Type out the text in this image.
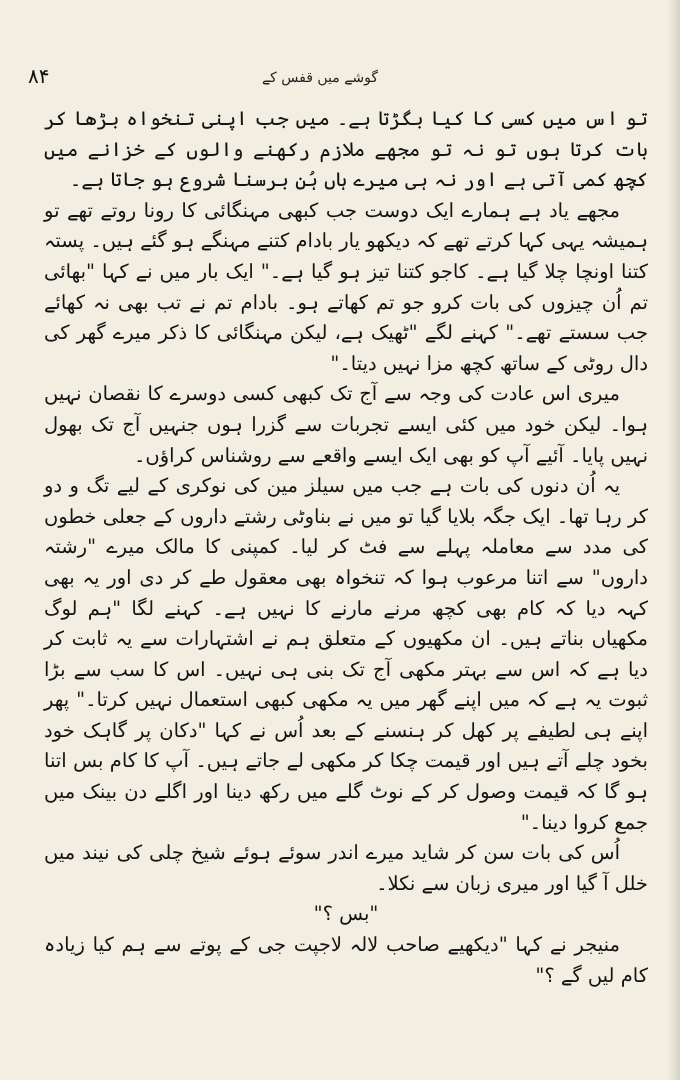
گوشے میں قفس کے
۸۴

تو اس میں کسی کا کیا بگڑتا ہے۔ میں جب اپنی تنخواہ بڑھا کر بات کرتا ہوں تو نہ تو مجھے ملازم رکھنے والوں کے خزانے میں کچھ کمی آتی ہے اور نہ ہی میرے ہاں ہُن برسنا شروع ہو جاتا ہے۔

مجھے یاد ہے ہمارے ایک دوست جب کبھی مہنگائی کا رونا روتے تھے تو ہمیشہ یہی کہا کرتے تھے کہ دیکھو یار بادام کتنے مہنگے ہو گئے ہیں۔ پستہ کتنا اونچا چلا گیا ہے۔ کاجو کتنا تیز ہو گیا ہے۔" ایک بار میں نے کہا "بھائی تم اُن چیزوں کی بات کرو جو تم کھاتے ہو۔ بادام تم نے تب بھی نہ کھائے جب سستے تھے۔" کہنے لگے "ٹھیک ہے، لیکن مہنگائی کا ذکر میرے گھر کی دال روٹی کے ساتھ کچھ مزا نہیں دیتا۔"

میری اس عادت کی وجہ سے آج تک کبھی کسی دوسرے کا نقصان نہیں ہوا۔ لیکن خود میں کئی ایسے تجربات سے گزرا ہوں جنہیں آج تک بھول نہیں پایا۔ آئیے آپ کو بھی ایک ایسے واقعے سے روشناس کراؤں۔

یہ اُن دنوں کی بات ہے جب میں سیلز مین کی نوکری کے لیے تگ و دو کر رہا تھا۔ ایک جگہ بلایا گیا تو میں نے بناوٹی رشتے داروں کے جعلی خطوں کی مدد سے معاملہ پہلے سے فٹ کر لیا۔ کمپنی کا مالک میرے "رشتہ داروں" سے اتنا مرعوب ہوا کہ تنخواہ بھی معقول طے کر دی اور یہ بھی کہہ دیا کہ کام بھی کچھ مرنے مارنے کا نہیں ہے۔ کہنے لگا "ہم لوگ مکھیاں بناتے ہیں۔ ان مکھیوں کے متعلق ہم نے اشتہارات سے یہ ثابت کر دیا ہے کہ اس سے بہتر مکھی آج تک بنی ہی نہیں۔ اس کا سب سے بڑا ثبوت یہ ہے کہ میں اپنے گھر میں یہ مکھی کبھی استعمال نہیں کرتا۔" پھر اپنے ہی لطیفے پر کھل کر ہنسنے کے بعد اُس نے کہا "دکان پر گاہک خود بخود چلے آتے ہیں اور قیمت چکا کر مکھی لے جاتے ہیں۔ آپ کا کام بس اتنا ہو گا کہ قیمت وصول کر کے نوٹ گلے میں رکھ دینا اور اگلے دن بینک میں جمع کروا دینا۔"

اُس کی بات سن کر شاید میرے اندر سوئے ہوئے شیخ چلی کی نیند میں خلل آ گیا اور میری زبان سے نکلا۔

"بس ؟"

منیجر نے کہا "دیکھیے صاحب لالہ لاجپت جی کے پوتے سے ہم کیا زیادہ کام لیں گے ؟"
